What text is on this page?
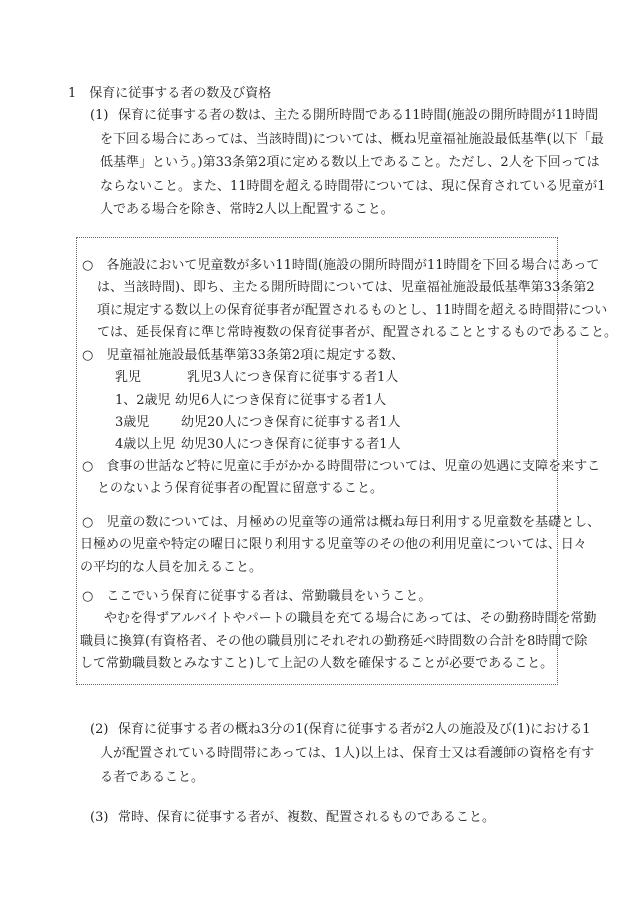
1　保育に従事する者の数及び資格
(1) 保育に従事する者の数は、主たる開所時間である11時間(施設の開所時間が11時間
を下回る場合にあっては、当該時間)については、概ね児童福祉施設最低基準(以下「最
低基準」という。)第33条第2項に定める数以上であること。ただし、2人を下回っては
ならないこと。また、11時間を超える時間帯については、現に保育されている児童が1
人である場合を除き、常時2人以上配置すること。
○　各施設において児童数が多い11時間(施設の開所時間が11時間を下回る場合にあって
は、当該時間)、即ち、主たる開所時間については、児童福祉施設最低基準第33条第2
項に規定する数以上の保育従事者が配置されるものとし、11時間を超える時間帯につい
ては、延長保育に準じ常時複数の保育従事者が、配置されることとするものであること。
○　児童福祉施設最低基準第33条第2項に規定する数、
乳児	乳児3人につき保育に従事する者1人
1、2歳児 幼児6人につき保育に従事する者1人
3歳児 幼児20人につき保育に従事する者1人
4歳以上児 幼児30人につき保育に従事する者1人
○　食事の世話など特に児童に手がかかる時間帯については、児童の処遇に支障を来すこ
とのないよう保育従事者の配置に留意すること。
○　児童の数については、月極めの児童等の通常は概ね毎日利用する児童数を基礎とし、
日極めの児童や特定の曜日に限り利用する児童等のその他の利用児童については、日々
の平均的な人員を加えること。
○　ここでいう保育に従事する者は、常勤職員をいうこと。
やむを得ずアルバイトやパートの職員を充てる場合にあっては、その勤務時間を常勤
職員に換算(有資格者、その他の職員別にそれぞれの勤務延べ時間数の合計を8時間で除
して常勤職員数とみなすこと)して上記の人数を確保することが必要であること。
(2) 保育に従事する者の概ね3分の1(保育に従事する者が2人の施設及び(1)における1
人が配置されている時間帯にあっては、1人)以上は、保育士又は看護師の資格を有す
る者であること。
(3) 常時、保育に従事する者が、複数、配置されるものであること。
